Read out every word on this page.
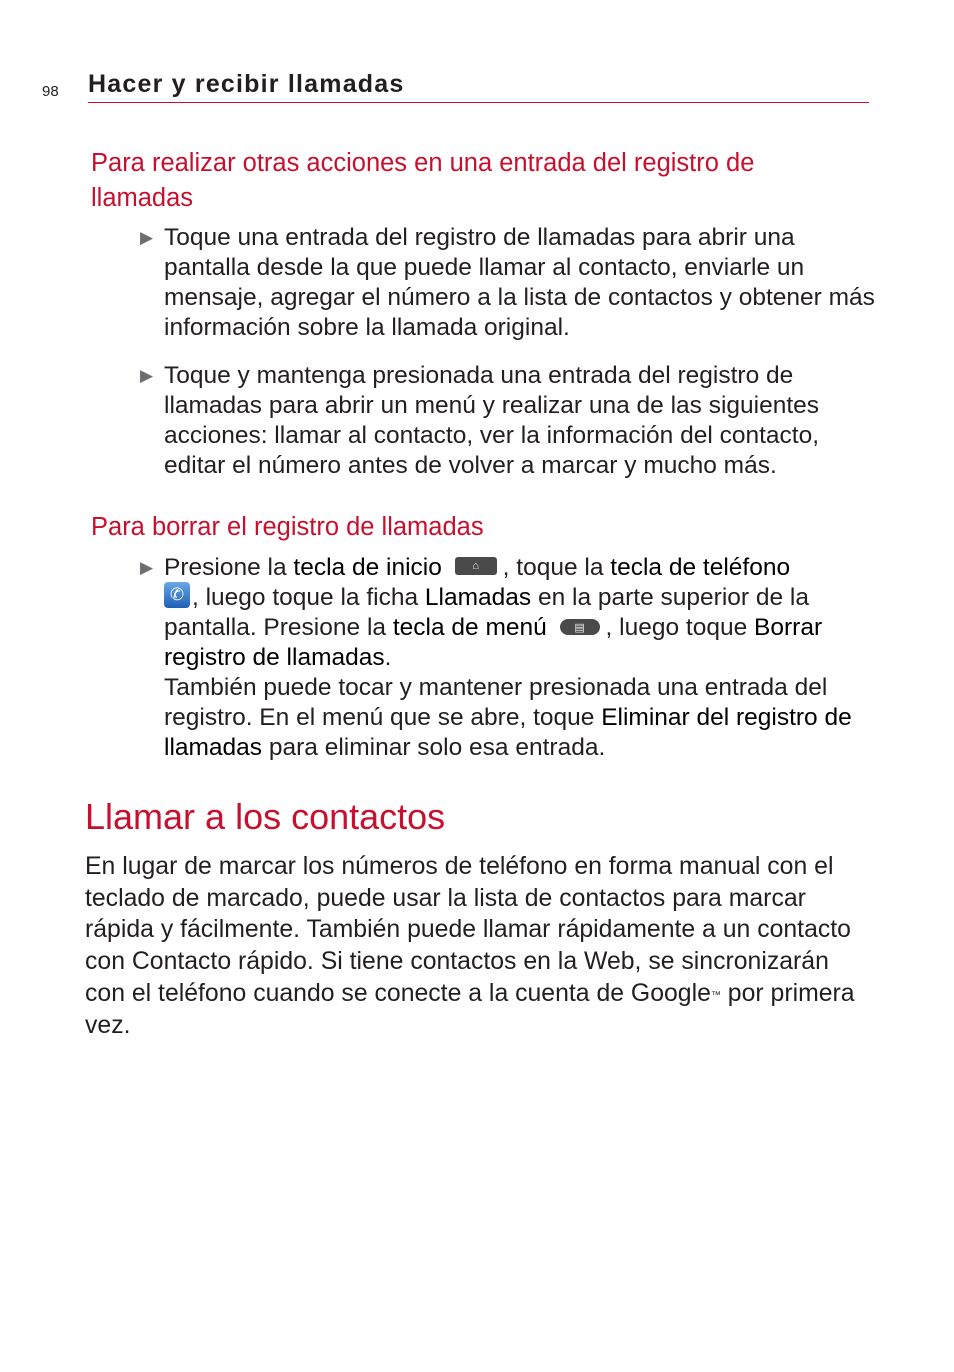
98 Hacer y recibir llamadas
Para realizar otras acciones en una entrada del registro de llamadas
▶ Toque una entrada del registro de llamadas para abrir una pantalla desde la que puede llamar al contacto, enviarle un mensaje, agregar el número a la lista de contactos y obtener más información sobre la llamada original.
▶ Toque y mantenga presionada una entrada del registro de llamadas para abrir un menú y realizar una de las siguientes acciones: llamar al contacto, ver la información del contacto, editar el número antes de volver a marcar y mucho más.
Para borrar el registro de llamadas
▶ Presione la tecla de inicio	⌂ , toque la tecla de teléfono
✆ , luego toque la ficha Llamadas en la parte superior de la pantalla. Presione la tecla de menú	▤ , luego toque Borrar registro de llamadas.
También puede tocar y mantener presionada una entrada del registro. En el menú que se abre, toque Eliminar del registro de llamadas para eliminar solo esa entrada.
Llamar a los contactos

En lugar de marcar los números de teléfono en forma manual con el teclado de marcado, puede usar la lista de contactos para marcar rápida y fácilmente. También puede llamar rápidamente a un contacto con Contacto rápido. Si tiene contactos en la Web, se sincronizarán con el teléfono cuando se conecte a la cuenta de Google™ por primera vez.
